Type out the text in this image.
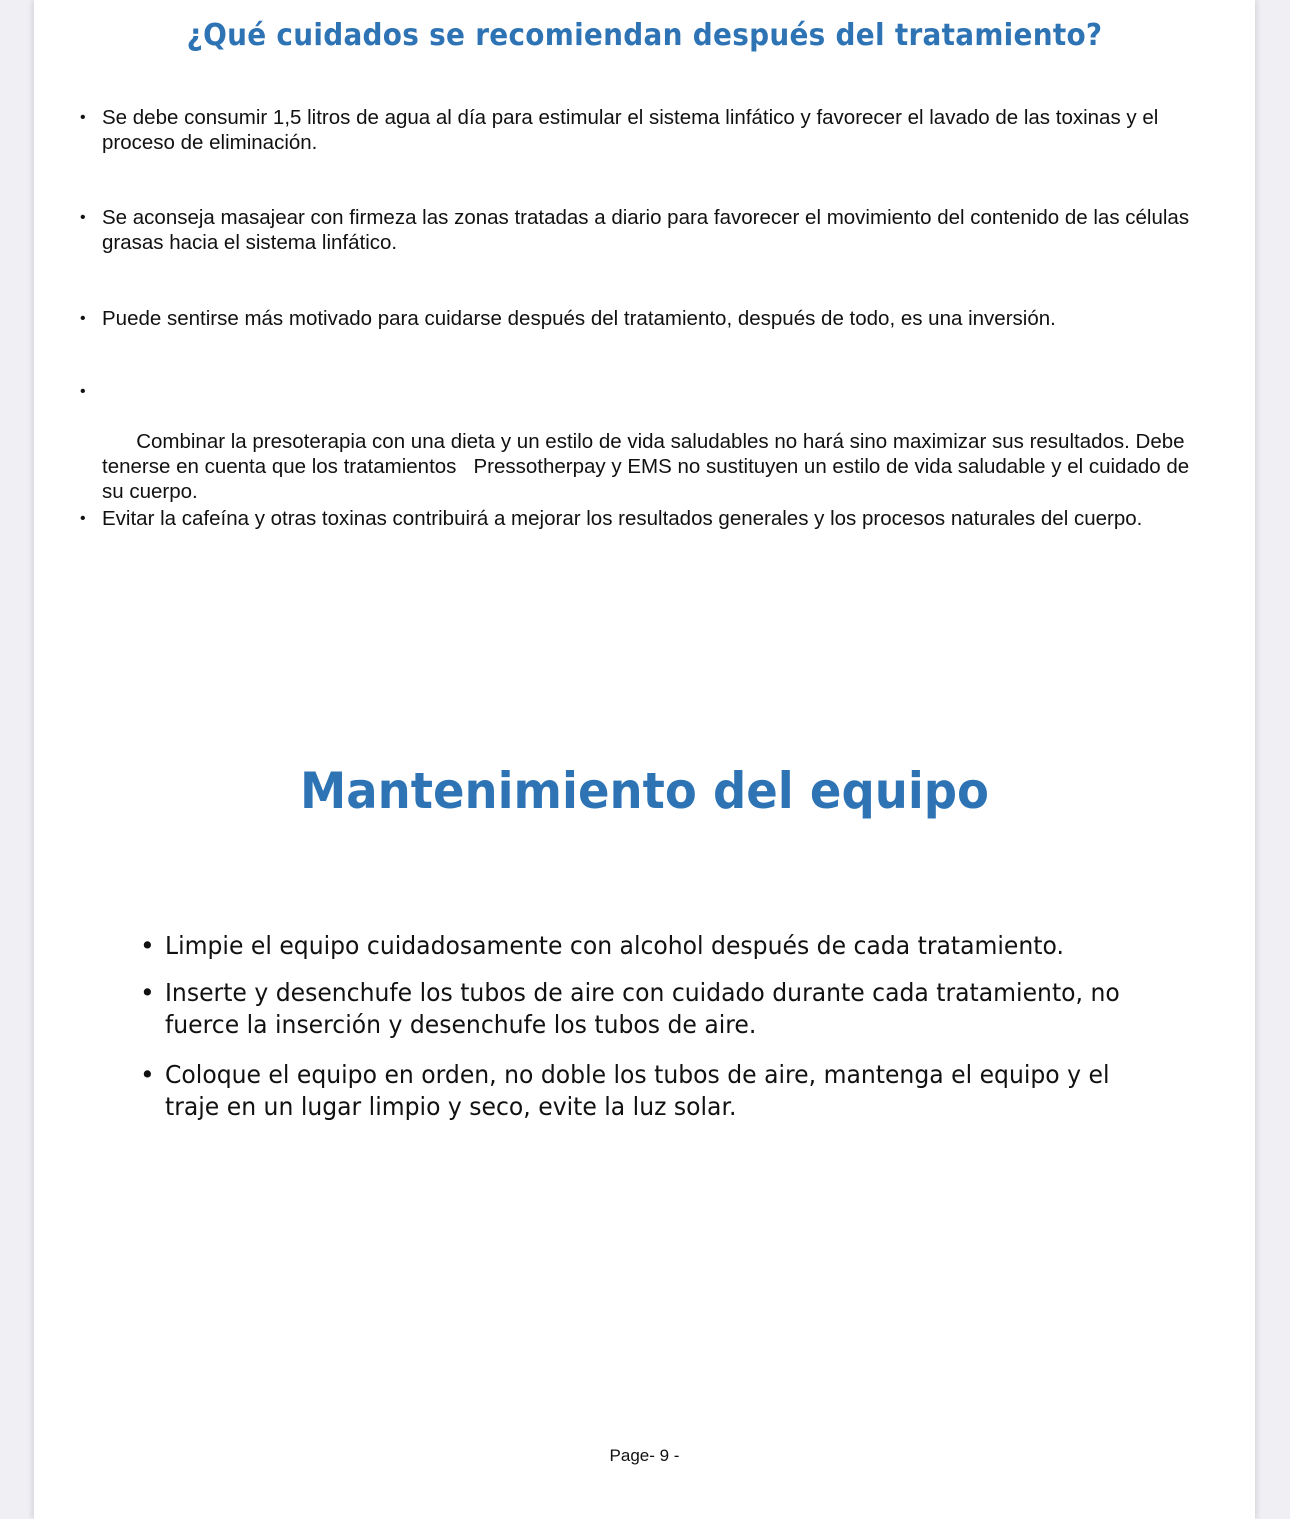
¿Qué cuidados se recomiendan después del tratamiento?
• Se debe consumir 1,5 litros de agua al día para estimular el sistema linfático y favorecer el lavado de las toxinas y el proceso de eliminación.
• Se aconseja masajear con firmeza las zonas tratadas a diario para favorecer el movimiento del contenido de las células grasas hacia el sistema linfático.
• Puede sentirse más motivado para cuidarse después del tratamiento, después de todo, es una inversión.

•

Combinar la presoterapia con una dieta y un estilo de vida saludables no hará sino maximizar sus resultados. Debe tenerse en cuenta que los tratamientos   Pressotherpay y EMS no sustituyen un estilo de vida saludable y el cuidado de su cuerpo.

• Evitar la cafeína y otras toxinas contribuirá a mejorar los resultados generales y los procesos naturales del cuerpo.
Mantenimiento del equipo
• Limpie el equipo cuidadosamente con alcohol después de cada tratamiento.
• Inserte y desenchufe los tubos de aire con cuidado durante cada tratamiento, no fuerce la inserción y desenchufe los tubos de aire.
• Coloque el equipo en orden, no doble los tubos de aire, mantenga el equipo y el traje en un lugar limpio y seco, evite la luz solar.
Page- 9 -
